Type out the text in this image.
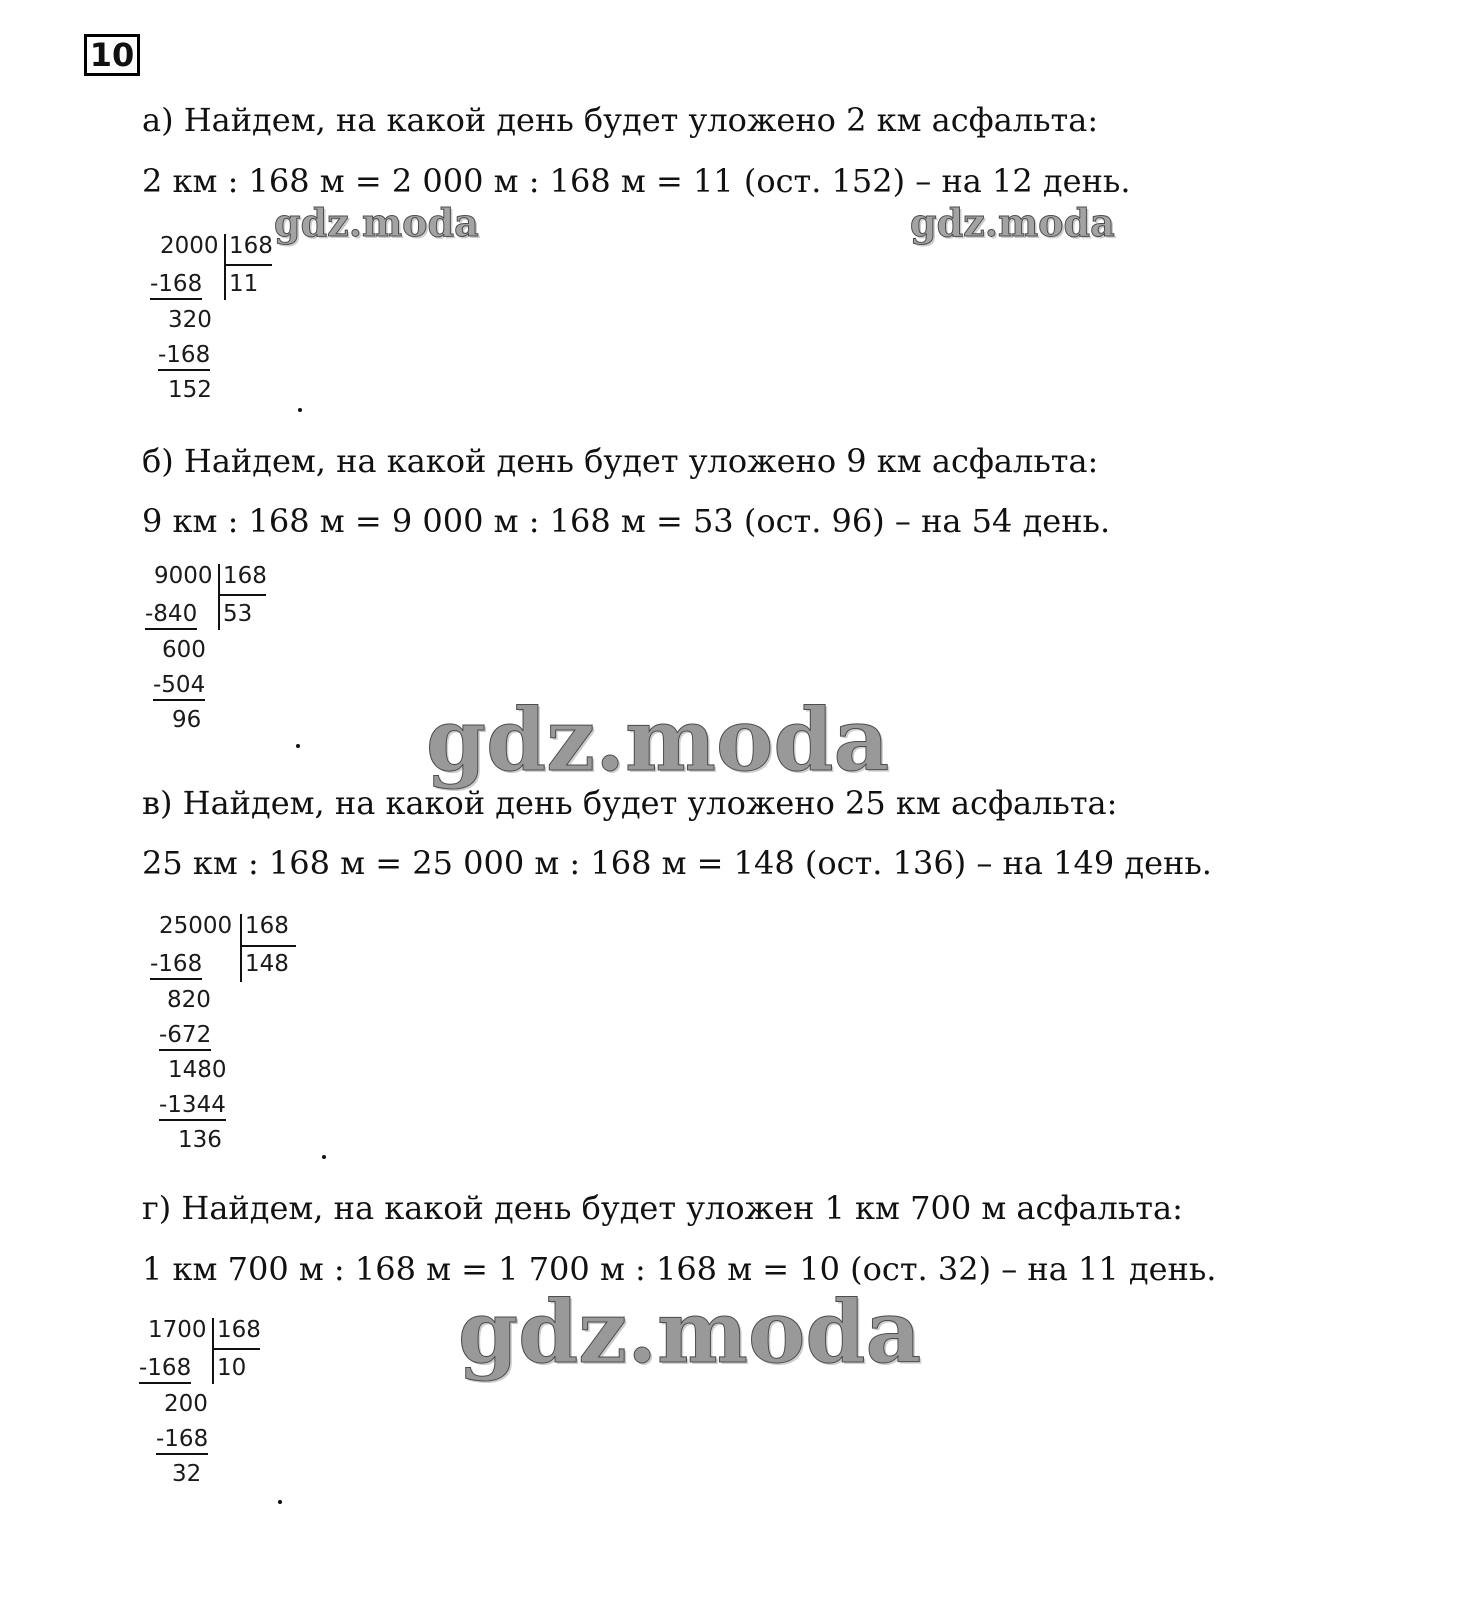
10
а) Найдем, на какой день будет уложено 2 км асфальта:
2 км : 168 м = 2 000 м : 168 м = 11 (ост. 152) – на 12 день.
2000 168
11
-168
320
-168
152
б) Найдем, на какой день будет уложено 9 км асфальта:
9 км : 168 м = 9 000 м : 168 м = 53 (ост. 96) – на 54 день.
9000 168
53
-840
600
-504
96
в) Найдем, на какой день будет уложено 25 км асфальта:
25 км : 168 м = 25 000 м : 168 м = 148 (ост. 136) – на 149 день.
25000 168
148
-168
820
-672
1480
-1344
136
г) Найдем, на какой день будет уложен 1 км 700 м асфальта:
1 км 700 м : 168 м = 1 700 м : 168 м = 10 (ост. 32) – на 11 день.
1700 168
10
-168
200
-168
32
gdz.moda	gdz.moda
gdz.moda
gdz.moda
